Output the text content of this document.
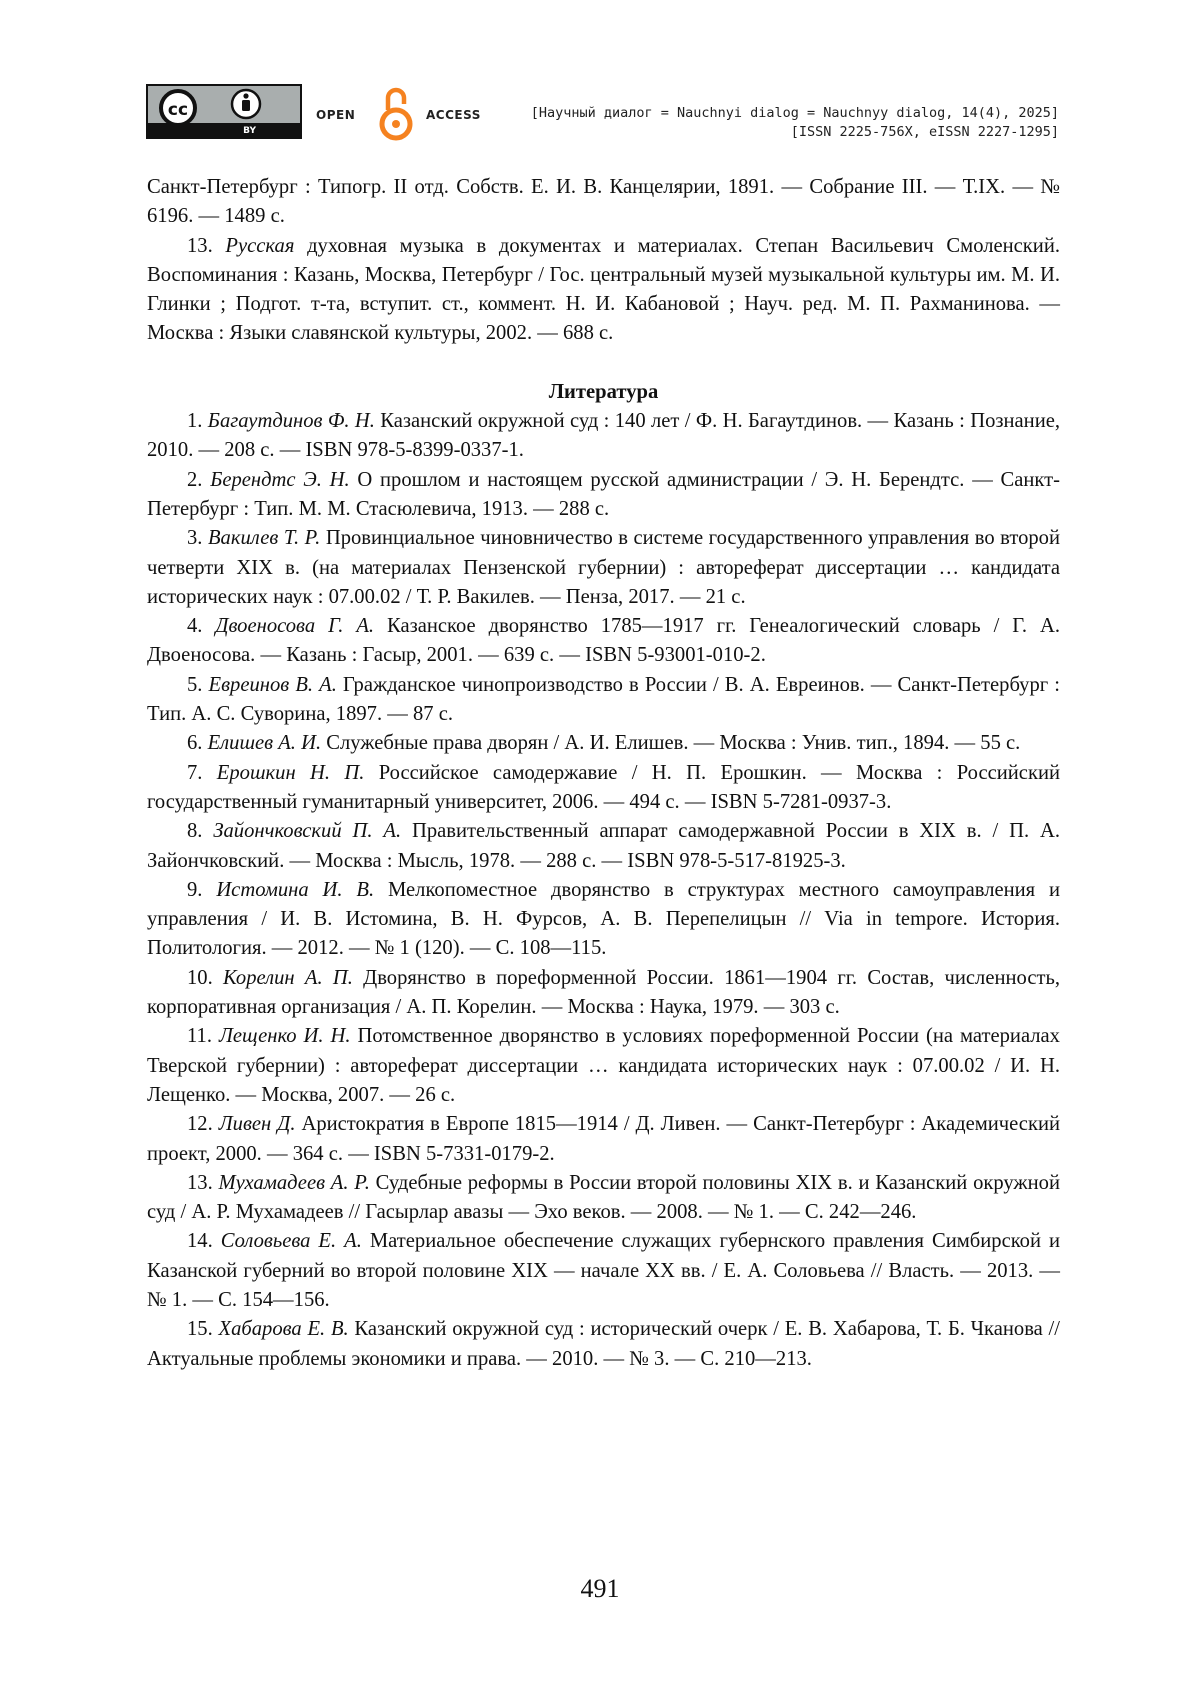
cc
BY
OPEN	ACCESS	[Научный диалог = Nauchnyi dialog = Nauchnyy dialog, 14(4), 2025]
[ISSN 2225-756X, eISSN 2227-1295]

Санкт-Петербург : Типогр. II отд. Собств. Е. И. В. Канцелярии, 1891. — Собрание III. — Т.IX. — № 6196. — 1489 с.

13. Русская духовная музыка в документах и материалах. Степан Васильевич Смоленский. Воспоминания : Казань, Москва, Петербург / Гос. центральный музей музыкальной культуры им. М. И. Глинки ; Подгот. т-та, вступит. ст., коммент. Н. И. Кабановой ; Науч. ред. М. П. Рахманинова. — Москва : Языки славянской культуры, 2002. — 688 с.

Литература

1. Багаутдинов Ф. Н. Казанский окружной суд : 140 лет / Ф. Н. Багаутдинов. — Казань : Познание, 2010. — 208 с. — ISBN 978-5-8399-0337-1.

2. Берендтс Э. Н. О прошлом и настоящем русской администрации / Э. Н. Берендтс. — Санкт-Петербург : Тип. М. М. Стасюлевича, 1913. — 288 с.

3. Вакилев Т. Р. Провинциальное чиновничество в системе государственного управления во второй четверти XIX в. (на материалах Пензенской губернии) : автореферат диссертации … кандидата исторических наук : 07.00.02 / Т. Р. Вакилев. — Пенза, 2017. — 21 с.

4. Двоеносова Г. А. Казанское дворянство 1785—1917 гг. Генеалогический словарь / Г. А. Двоеносова. — Казань : Гасыр, 2001. — 639 с. — ISBN 5-93001-010-2.

5. Евреинов В. А. Гражданское чинопроизводство в России / В. А. Евреинов. — Санкт-Петербург : Тип. А. С. Суворина, 1897. — 87 с.

6. Елишев А. И. Служебные права дворян / А. И. Елишев. — Москва : Унив. тип., 1894. — 55 с.

7. Ерошкин Н. П. Российское самодержавие / Н. П. Ерошкин. — Москва : Российский государственный гуманитарный университет, 2006. — 494 с. — ISBN 5-7281-0937-3.

8. Зайончковский П. А. Правительственный аппарат самодержавной России в XIX в. / П. А. Зайончковский. — Москва : Мысль, 1978. — 288 с. — ISBN 978-5-517-81925-3.

9. Истомина И. В. Мелкопоместное дворянство в структурах местного самоуправления и управления / И. В. Истомина, В. Н. Фурсов, А. В. Перепелицын // Via in tempore. История. Политология. — 2012. — № 1 (120). — С. 108—115.

10. Корелин А. П. Дворянство в пореформенной России. 1861—1904 гг. Состав, численность, корпоративная организация / А. П. Корелин. — Москва : Наука, 1979. — 303 с.

11. Лещенко И. Н. Потомственное дворянство в условиях пореформенной России (на материалах Тверской губернии) : автореферат диссертации … кандидата исторических наук : 07.00.02 / И. Н. Лещенко. — Москва, 2007. — 26 с.

12. Ливен Д. Аристократия в Европе 1815—1914 / Д. Ливен. — Санкт-Петербург : Академический проект, 2000. — 364 с. — ISBN 5-7331-0179-2.

13. Мухамадеев А. Р. Судебные реформы в России второй половины XIX в. и Казанский окружной суд / А. Р. Мухамадеев // Гасырлар авазы — Эхо веков. — 2008. — № 1. — С. 242—246.

14. Соловьева Е. А. Материальное обеспечение служащих губернского правления Симбирской и Казанской губерний во второй половине XIX — начале XX вв. / Е. А. Соловьева // Власть. — 2013. — № 1. — С. 154—156.

15. Хабарова Е. В. Казанский окружной суд : исторический очерк / Е. В. Хабарова, Т. Б. Чканова // Актуальные проблемы экономики и права. — 2010. — № 3. — С. 210—213.

491
